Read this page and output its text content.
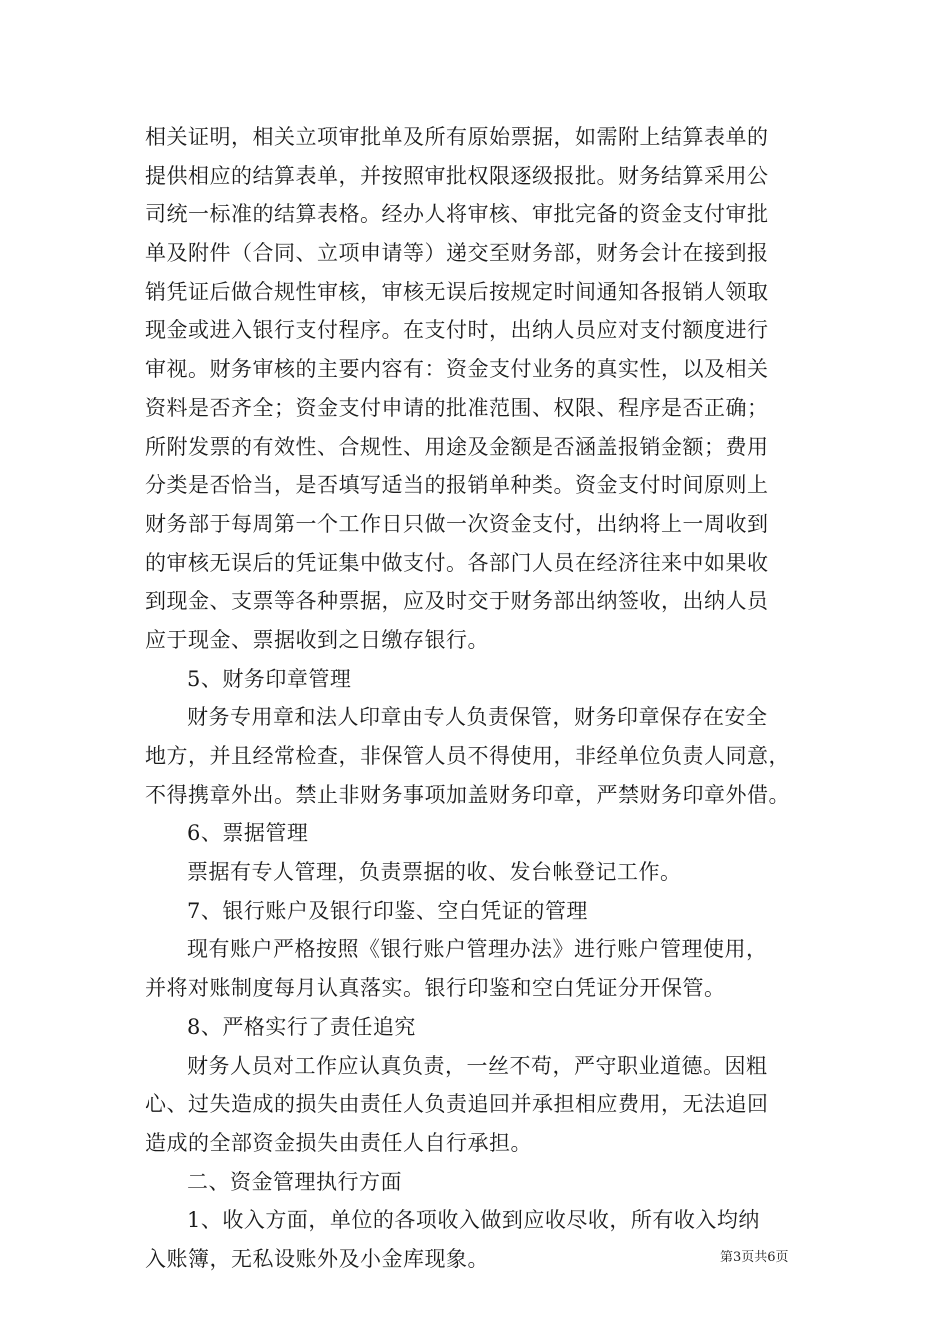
相关证明，相关立项审批单及所有原始票据，如需附上结算表单的
提供相应的结算表单，并按照审批权限逐级报批。财务结算采用公
司统一标准的结算表格。经办人将审核、审批完备的资金支付审批
单及附件（合同、立项申请等）递交至财务部，财务会计在接到报
销凭证后做合规性审核，审核无误后按规定时间通知各报销人领取
现金或进入银行支付程序。在支付时，出纳人员应对支付额度进行
审视。财务审核的主要内容有：资金支付业务的真实性，以及相关
资料是否齐全；资金支付申请的批准范围、权限、程序是否正确；
所附发票的有效性、合规性、用途及金额是否涵盖报销金额；费用
分类是否恰当，是否填写适当的报销单种类。资金支付时间原则上
财务部于每周第一个工作日只做一次资金支付，出纳将上一周收到
的审核无误后的凭证集中做支付。各部门人员在经济往来中如果收
到现金、支票等各种票据，应及时交于财务部出纳签收，出纳人员
应于现金、票据收到之日缴存银行。
5、财务印章管理
财务专用章和法人印章由专人负责保管，财务印章保存在安全
地方，并且经常检查，非保管人员不得使用，非经单位负责人同意，
不得携章外出。禁止非财务事项加盖财务印章，严禁财务印章外借。
6、票据管理
票据有专人管理，负责票据的收、发台帐登记工作。
7、银行账户及银行印鉴、空白凭证的管理
现有账户严格按照《银行账户管理办法》进行账户管理使用，
并将对账制度每月认真落实。银行印鉴和空白凭证分开保管。
8、严格实行了责任追究
财务人员对工作应认真负责，一丝不苟，严守职业道德。因粗
心、过失造成的损失由责任人负责追回并承担相应费用，无法追回
造成的全部资金损失由责任人自行承担。
二、资金管理执行方面
1、收入方面，单位的各项收入做到应收尽收，所有收入均纳
入账簿，无私设账外及小金库现象。	第3页共6页
